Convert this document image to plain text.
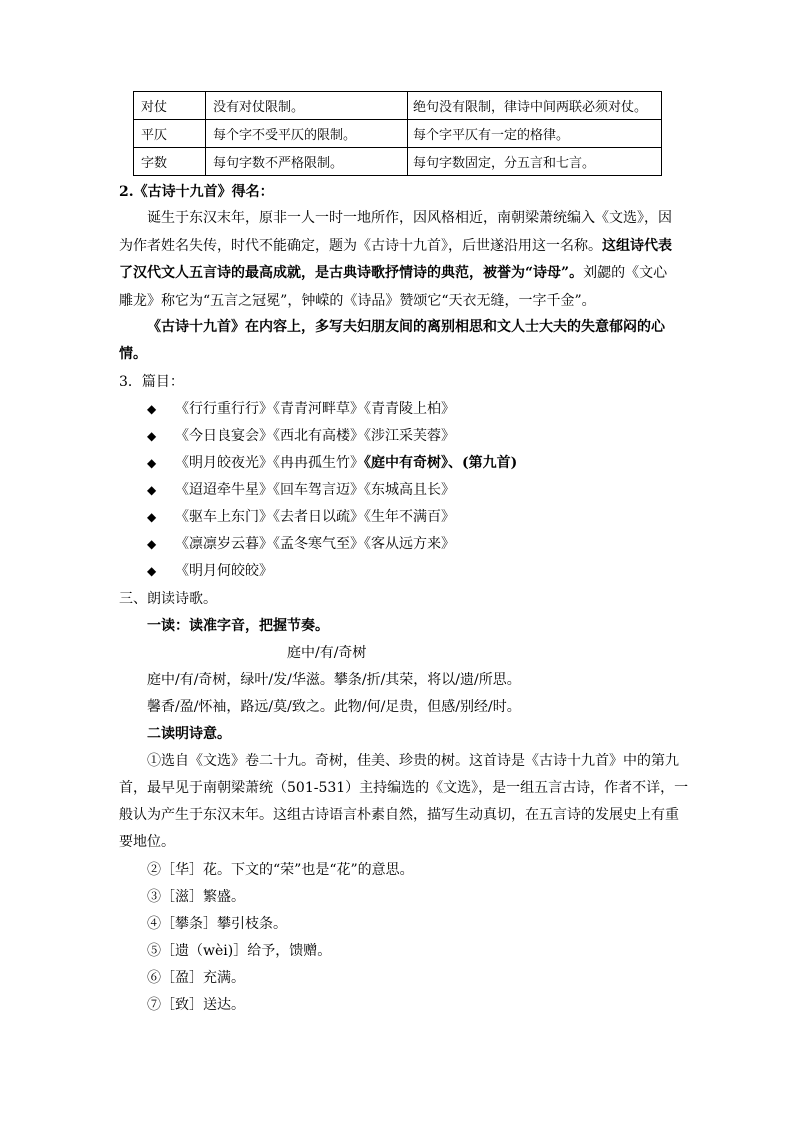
对仗	没有对仗限制。	绝句没有限制，律诗中间两联必须对仗。
平仄	每个字不受平仄的限制。	每个字平仄有一定的格律。
字数	每句字数不严格限制。	每句字数固定，分五言和七言。
2.《古诗十九首》得名：
诞生于东汉末年，原非一人一时一地所作，因风格相近，南朝梁萧统编入《文选》，因
为作者姓名失传，时代不能确定，题为《古诗十九首》，后世遂沿用这一名称。这组诗代表
了汉代文人五言诗的最高成就，是古典诗歌抒情诗的典范，被誉为“诗母”。刘勰的《文心
雕龙》称它为“五言之冠冕”，钟嵘的《诗品》赞颂它“天衣无缝，一字千金”。
《古诗十九首》在内容上，多写夫妇朋友间的离别相思和文人士大夫的失意郁闷的心
情。
3．篇目：
◆ 《行行重行行》《青青河畔草》《青青陵上柏》
◆ 《今日良宴会》《西北有高楼》《涉江采芙蓉》
◆ 《明月皎夜光》《冉冉孤生竹》《庭中有奇树》、(第九首)
◆ 《迢迢牵牛星》《回车驾言迈》《东城高且长》
◆ 《驱车上东门》《去者日以疏》《生年不满百》
◆ 《凛凛岁云暮》《孟冬寒气至》《客从远方来》
◆ 《明月何皎皎》
三、朗读诗歌。
一读：读准字音，把握节奏。
庭中/有/奇树
庭中/有/奇树，绿叶/发/华滋。攀条/折/其荣，将以/遗/所思。
馨香/盈/怀袖，路远/莫/致之。此物/何/足贵，但感/别经/时。
二读明诗意。
①选自《文选》卷二十九。奇树，佳美、珍贵的树。这首诗是《古诗十九首》中的第九
首，最早见于南朝梁萧统（501-531）主持编选的《文选》，是一组五言古诗，作者不详，一
般认为产生于东汉末年。这组古诗语言朴素自然，描写生动真切，在五言诗的发展史上有重
要地位。
②［华］花。下文的“荣”也是“花”的意思。
③［滋］繁盛。
④［攀条］攀引枝条。
⑤［遗（wèi)］给予，馈赠。
⑥［盈］充满。
⑦［致］送达。
